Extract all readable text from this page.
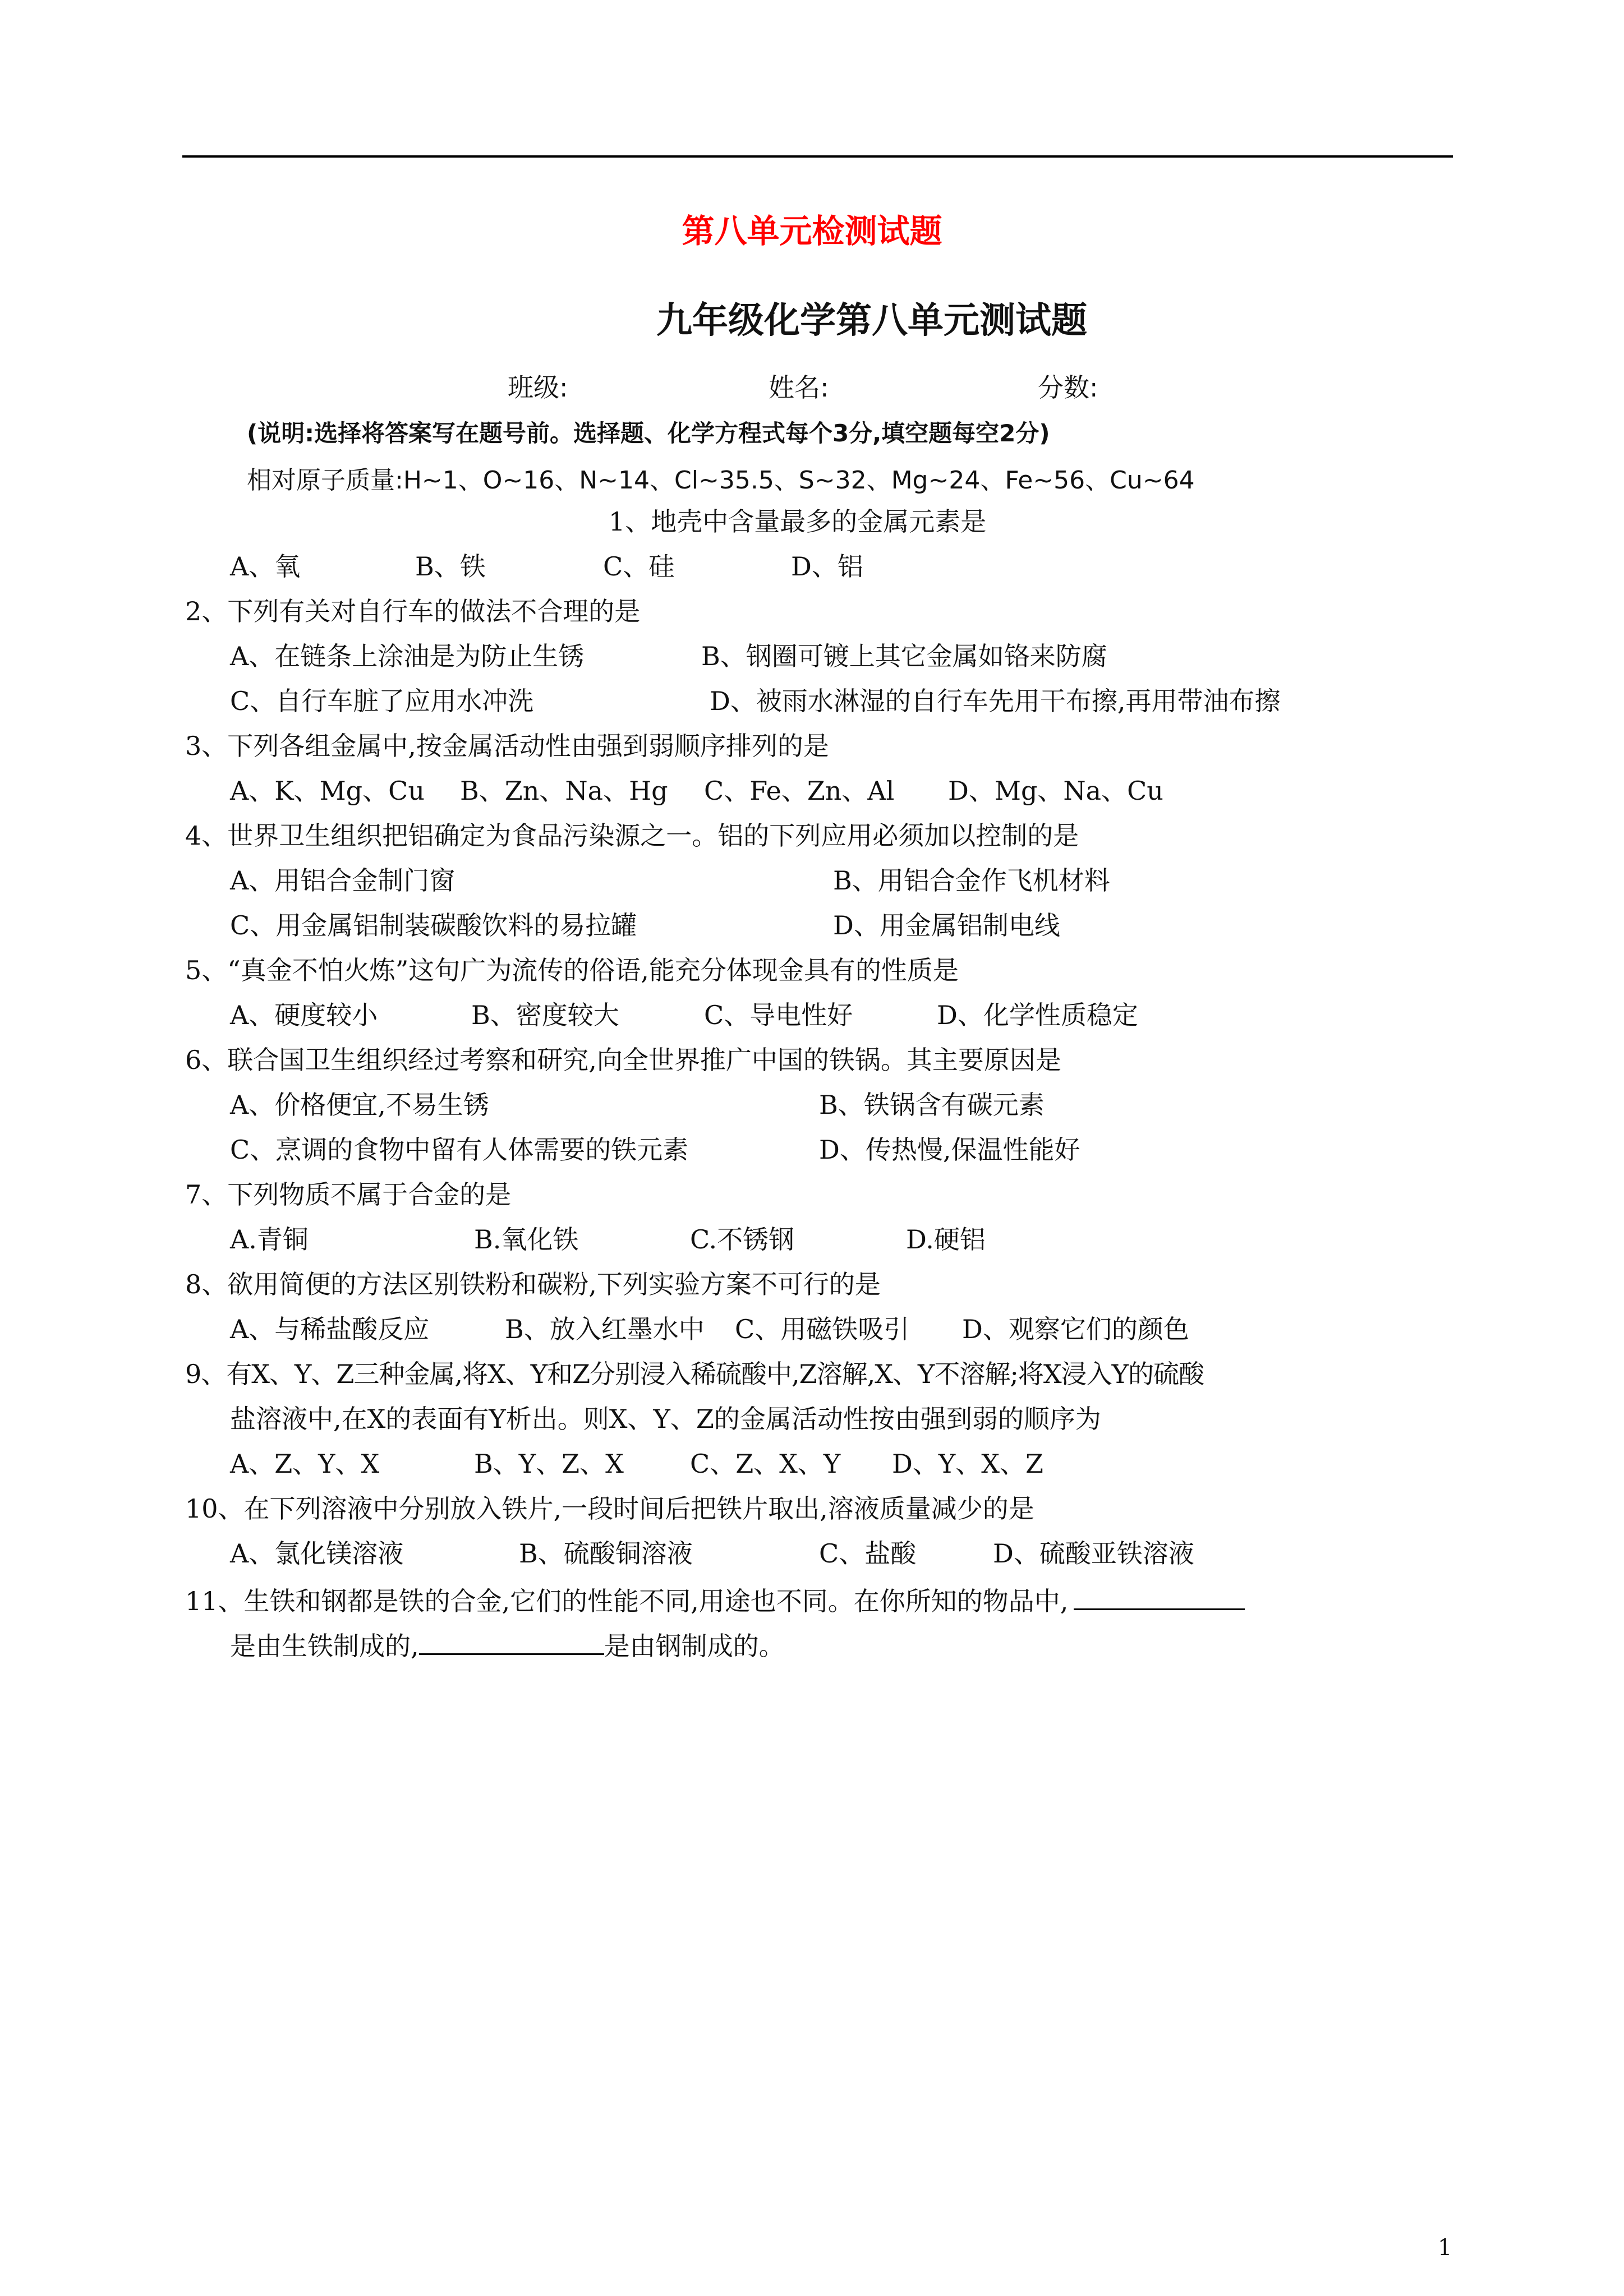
第八单元检测试题
九年级化学第八单元测试题
班级:	姓名:	分数:
(说明:选择将答案写在题号前。选择题、化学方程式每个3分,填空题每空2分)
相对原子质量:H~1、O~16、N~14、Cl~35.5、S~32、Mg~24、Fe~56、Cu~64
1、地壳中含量最多的金属元素是
A、氧	B、铁	C、硅	D、铝
2、下列有关对自行车的做法不合理的是
A、在链条上涂油是为防止生锈	B、钢圈可镀上其它金属如铬来防腐
C、自行车脏了应用水冲洗	D、被雨水淋湿的自行车先用干布擦,再用带油布擦
3、下列各组金属中,按金属活动性由强到弱顺序排列的是
A、K、Mg、Cu B、Zn、Na、Hg C、Fe、Zn、Al D、Mg、Na、Cu
4、世界卫生组织把铝确定为食品污染源之一。铝的下列应用必须加以控制的是
A、用铝合金制门窗	B、用铝合金作飞机材料
C、用金属铝制装碳酸饮料的易拉罐	D、用金属铝制电线
5、“真金不怕火炼”这句广为流传的俗语,能充分体现金具有的性质是
A、硬度较小	B、密度较大	C、导电性好	D、化学性质稳定
6、联合国卫生组织经过考察和研究,向全世界推广中国的铁锅。其主要原因是
A、价格便宜,不易生锈	B、铁锅含有碳元素
C、烹调的食物中留有人体需要的铁元素	D、传热慢,保温性能好
7、下列物质不属于合金的是
A.青铜	B.氧化铁	C.不锈钢	D.硬铝
8、欲用简便的方法区别铁粉和碳粉,下列实验方案不可行的是
A、与稀盐酸反应	B、放入红墨水中 C、用磁铁吸引 D、观察它们的颜色
9、有X、Y、Z三种金属,将X、Y和Z分别浸入稀硫酸中,Z溶解,X、Y不溶解;将X浸入Y的硫酸
盐溶液中,在X的表面有Y析出。则X、Y、Z的金属活动性按由强到弱的顺序为
A、Z、Y、X	B、Y、Z、X	C、Z、X、Y D、Y、X、Z
10、在下列溶液中分别放入铁片,一段时间后把铁片取出,溶液质量减少的是
A、氯化镁溶液	B、硫酸铜溶液	C、盐酸	D、硫酸亚铁溶液
11、生铁和钢都是铁的合金,它们的性能不同,用途也不同。在你所知的物品中,
是由生铁制成的,	是由钢制成的。
1
